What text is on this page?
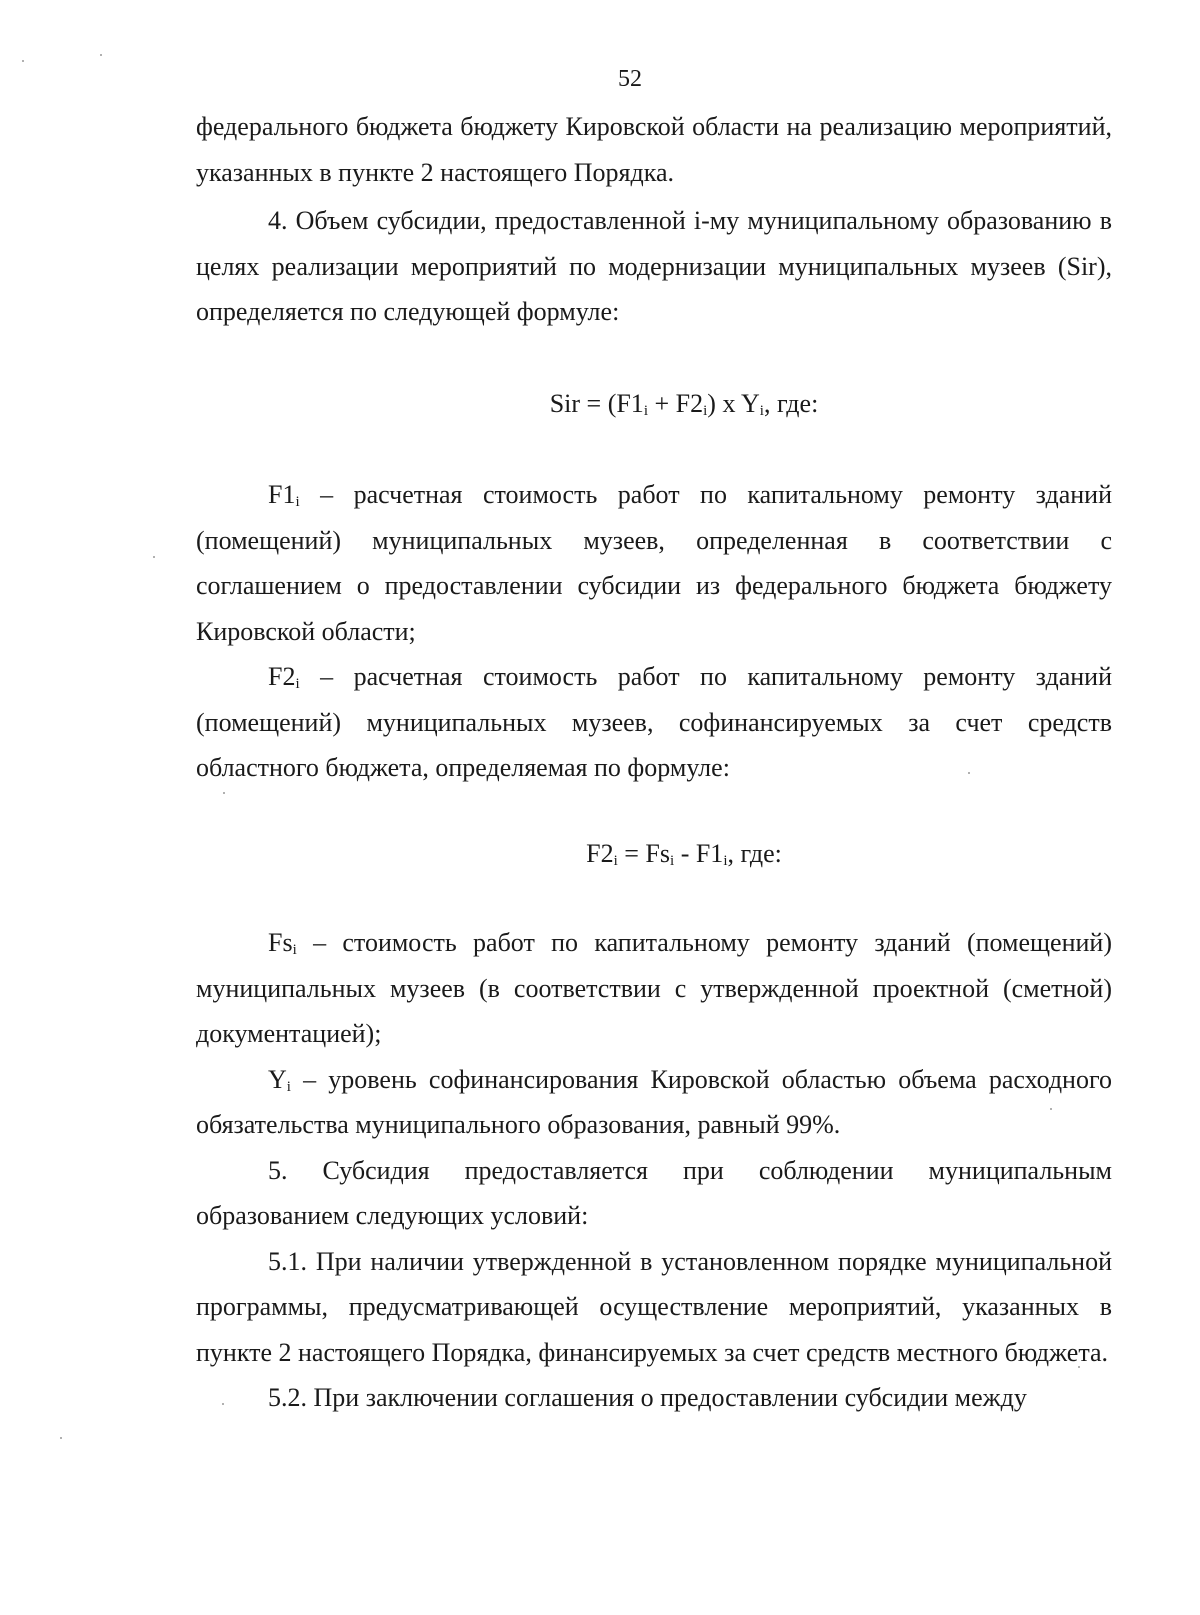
52

федерального бюджета бюджету Кировской области на реализацию мероприятий, указанных в пункте 2 настоящего Порядка.

4. Объем субсидии, предоставленной i-му муниципальному образованию в целях реализации мероприятий по модернизации муниципальных музеев (Sir), определяется по следующей формуле:

Sir = $(F1_i + F2_i)$ x $Y_i$, где:

$F1_i$ – расчетная стоимость работ по капитальному ремонту зданий (помещений) муниципальных музеев, определенная в соответствии с соглашением о предоставлении субсидии из федерального бюджета бюджету Кировской области;

$F2_i$ – расчетная стоимость работ по капитальному ремонту зданий (помещений) муниципальных музеев, софинансируемых за счет средств областного бюджета, определяемая по формуле:

$F2_i = Fs_i - F1_i$, где:

$Fs_i$ – стоимость работ по капитальному ремонту зданий (помещений) муниципальных музеев (в соответствии с утвержденной проектной (сметной) документацией);

$Y_i$ – уровень софинансирования Кировской областью объема расходного обязательства муниципального образования, равный 99%.

5. Субсидия предоставляется при соблюдении муниципальным образованием следующих условий:

5.1. При наличии утвержденной в установленном порядке муниципальной программы, предусматривающей осуществление мероприятий, указанных в пункте 2 настоящего Порядка, финансируемых за счет средств местного бюджета.

5.2. При заключении соглашения о предоставлении субсидии между
